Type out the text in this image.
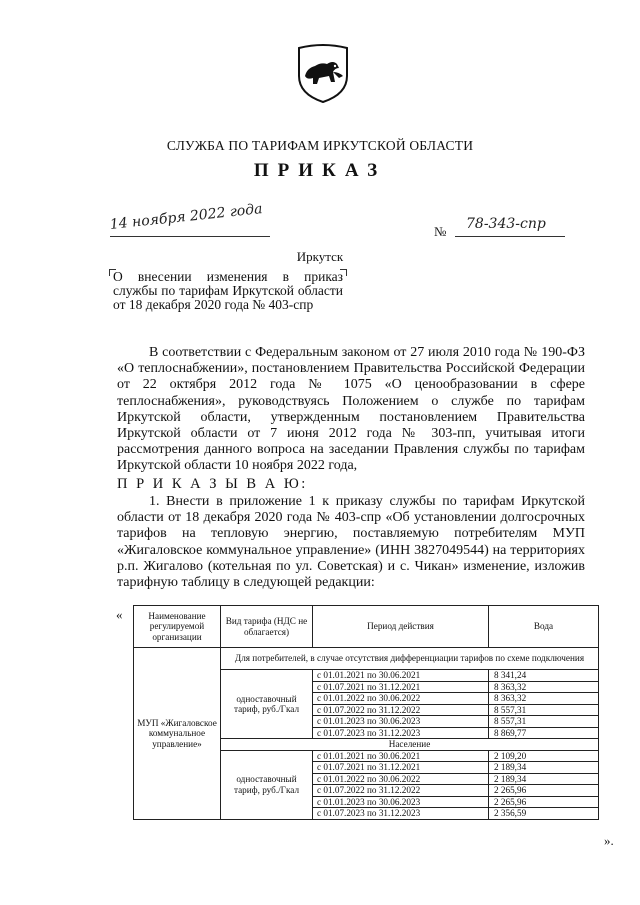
СЛУЖБА ПО ТАРИФАМ ИРКУТСКОЙ ОБЛАСТИ
ПРИКАЗ
14 ноября 2022 года	№ 78-343-спр
Иркутск
О внесении изменения в приказ службы по тарифам Иркутской области от 18 декабря 2020 года № 403-спр
В соответствии с Федеральным законом от 27 июля 2010 года № 190-ФЗ «О теплоснабжении», постановлением Правительства Российской Федерации от 22 октября 2012 года № 1075 «О ценообразовании в сфере теплоснабжения», руководствуясь Положением о службе по тарифам Иркутской области, утвержденным постановлением Правительства Иркутской области от 7 июня 2012 года № 303-пп, учитывая итоги рассмотрения данного вопроса на заседании Правления службы по тарифам Иркутской области 10 ноября 2022 года,
П Р И К А З Ы В А Ю:
1. Внести в приложение 1 к приказу службы по тарифам Иркутской области от 18 декабря 2020 года № 403-спр «Об установлении долгосрочных тарифов на тепловую энергию, поставляемую потребителям МУП «Жигаловское коммунальное управление» (ИНН 3827049544) на территориях р.п. Жигалово (котельная по ул. Советская) и с. Чикан» изменение, изложив тарифную таблицу в следующей редакции:
«	Наименование регулируемой организации	Вид тарифа (НДС не облагается)	Период действия	Вода
МУП «Жигаловское коммунальное управление»	Для потребителей, в случае отсутствия дифференциации тарифов по схеме подключения		
	одноставочный тариф, руб./Гкал	с 01.01.2021 по 30.06.2021	8 341,24
		с 01.07.2021 по 31.12.2021	8 363,32
		с 01.01.2022 по 30.06.2022	8 363,32
		с 01.07.2022 по 31.12.2022	8 557,31
		с 01.01.2023 по 30.06.2023	8 557,31
		с 01.07.2023 по 31.12.2023	8 869,77
	Население		
	одноставочный тариф, руб./Гкал	с 01.01.2021 по 30.06.2021	2 109,20
		с 01.07.2021 по 31.12.2021	2 189,34
		с 01.01.2022 по 30.06.2022	2 189,34
		с 01.07.2022 по 31.12.2022	2 265,96
		с 01.01.2023 по 30.06.2023	2 265,96
		с 01.07.2023 по 31.12.2023	2 356,59
».
